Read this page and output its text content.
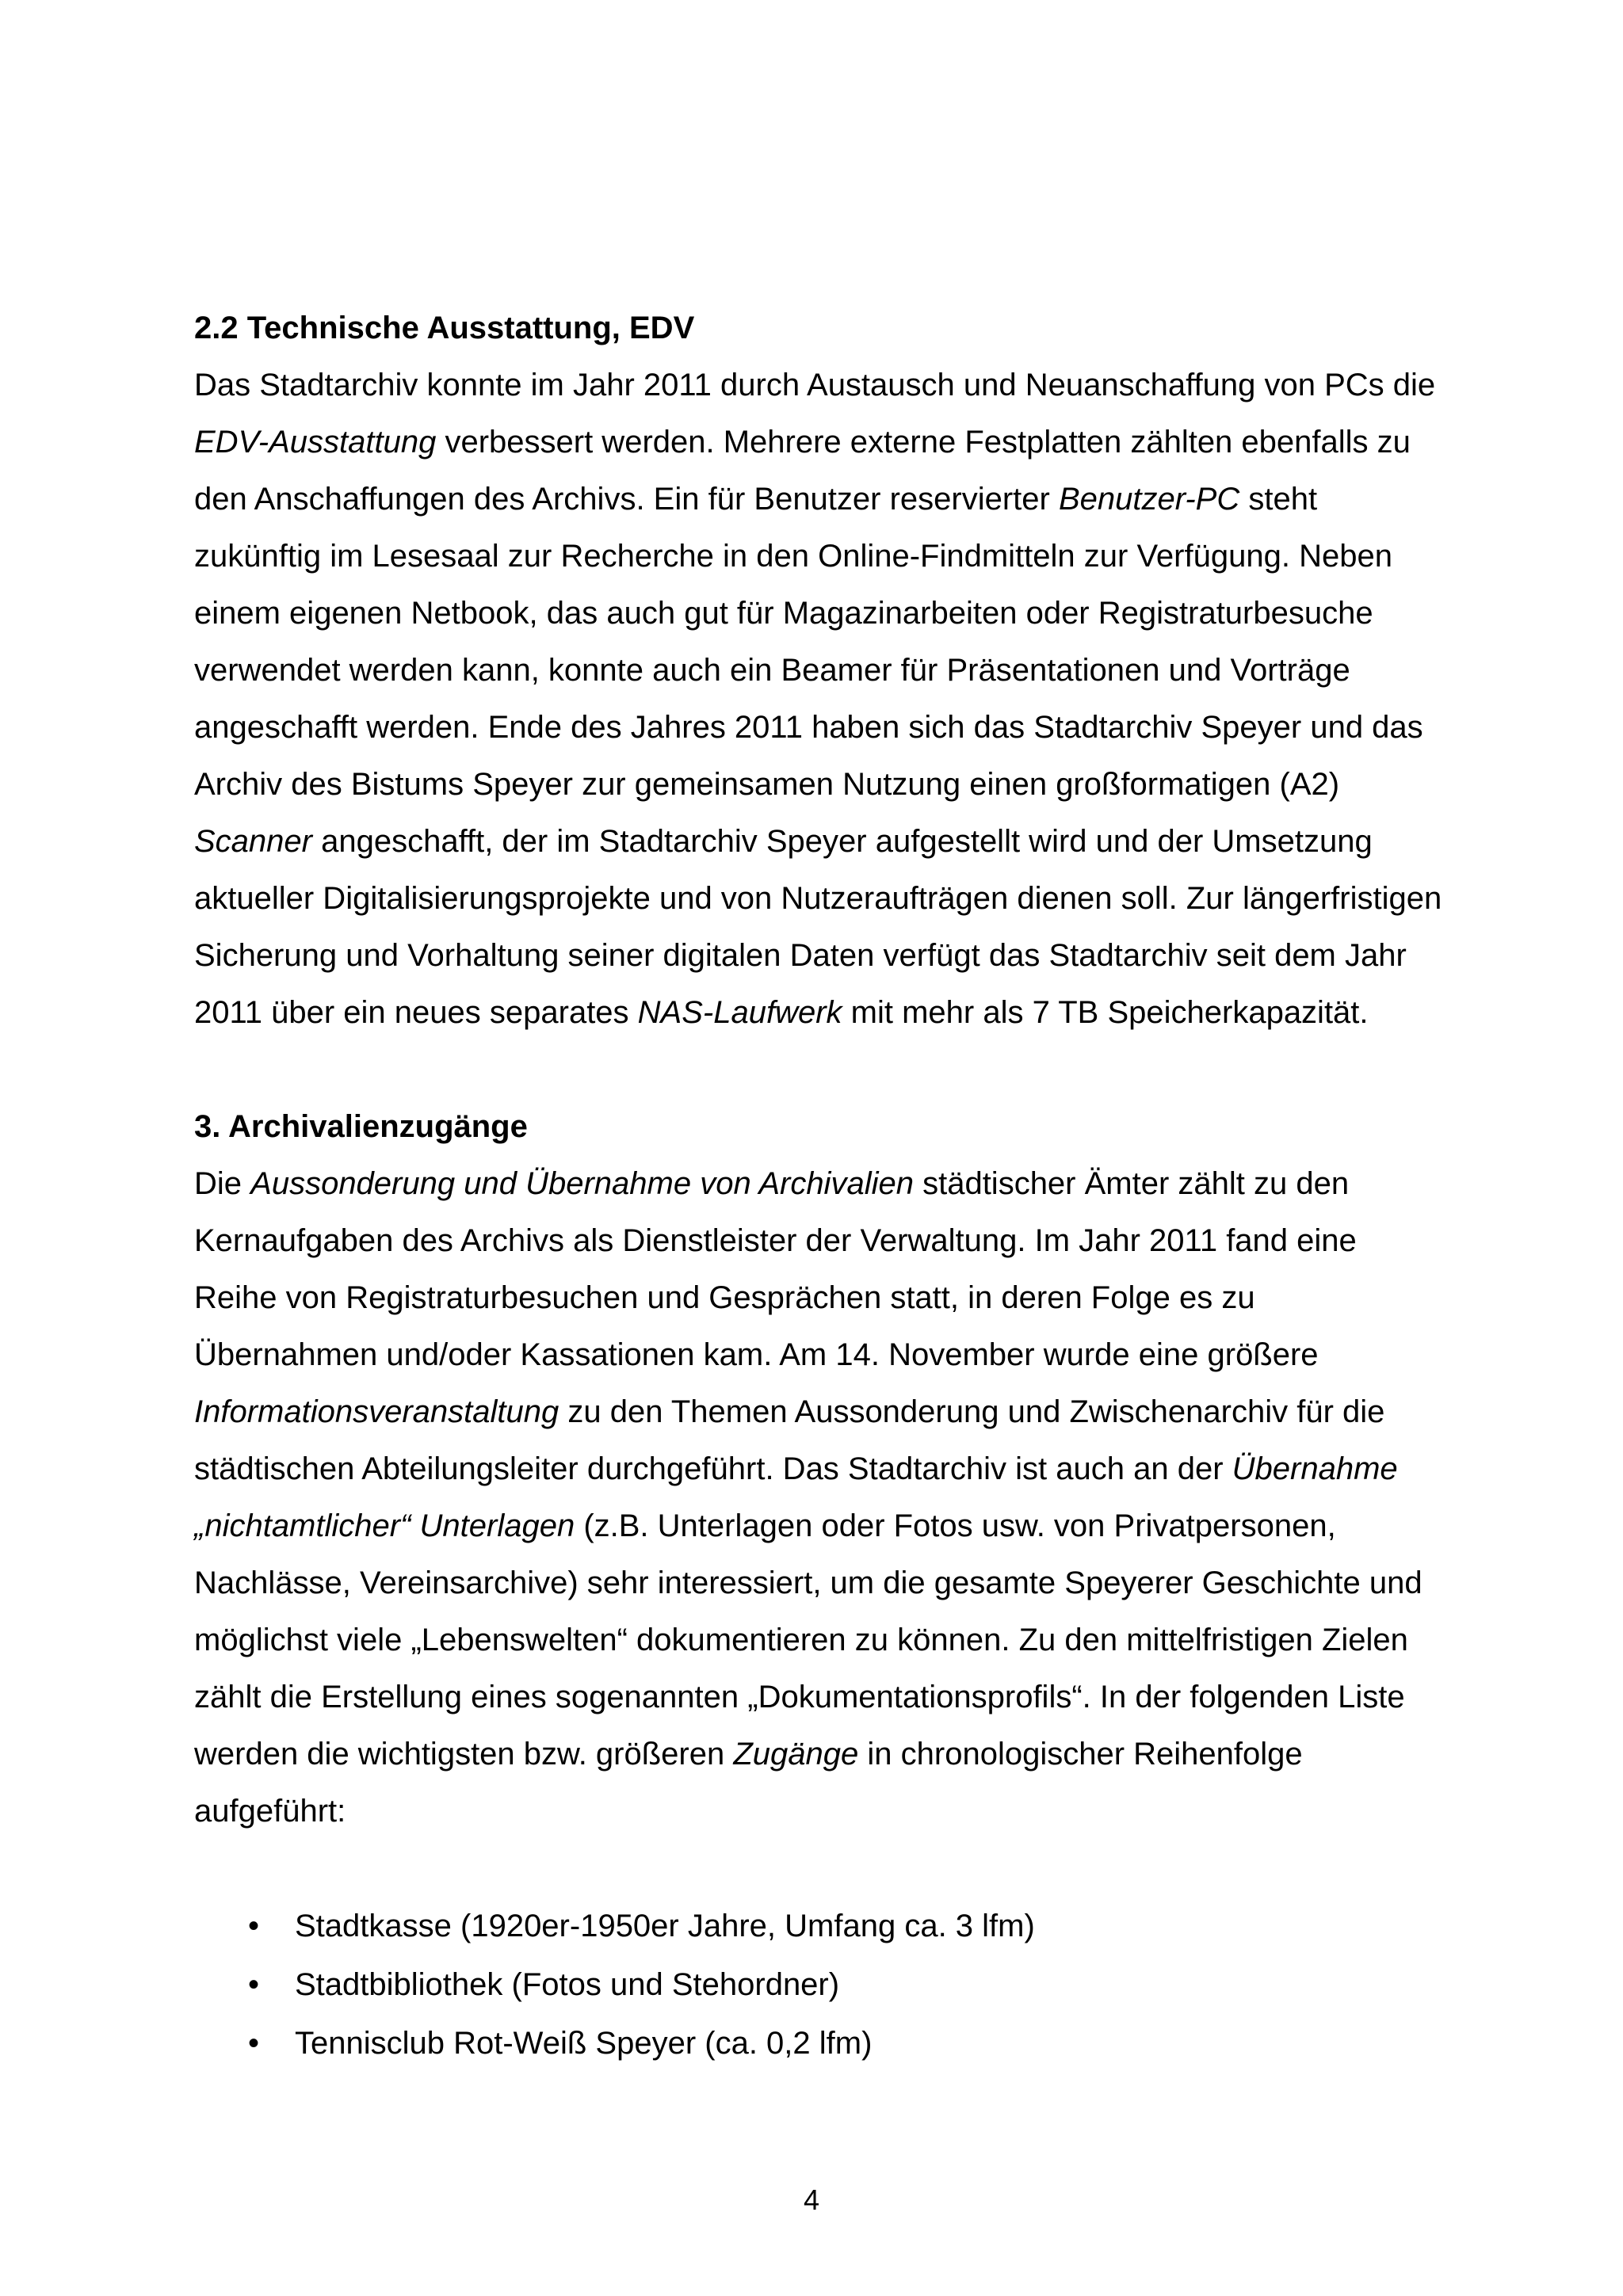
2.2 Technische Ausstattung, EDV

Das Stadtarchiv konnte im Jahr 2011 durch Austausch und Neuanschaffung von PCs die EDV-Ausstattung verbessert werden. Mehrere externe Festplatten zählten ebenfalls zu den Anschaffungen des Archivs. Ein für Benutzer reservierter Benutzer-PC steht zukünftig im Lesesaal zur Recherche in den Online-Findmitteln zur Verfügung. Neben einem eigenen Netbook, das auch gut für Magazinarbeiten oder Registraturbesuche verwendet werden kann, konnte auch ein Beamer für Präsentationen und Vorträge angeschafft werden. Ende des Jahres 2011 haben sich das Stadtarchiv Speyer und das Archiv des Bistums Speyer zur gemeinsamen Nutzung einen großformatigen (A2) Scanner angeschafft, der im Stadtarchiv Speyer aufgestellt wird und der Umsetzung aktueller Digitalisierungsprojekte und von Nutzeraufträgen dienen soll. Zur längerfristigen Sicherung und Vorhaltung seiner digitalen Daten verfügt das Stadtarchiv seit dem Jahr 2011 über ein neues separates NAS-Laufwerk mit mehr als 7 TB Speicherkapazität.

3. Archivalienzugänge

Die Aussonderung und Übernahme von Archivalien städtischer Ämter zählt zu den Kernaufgaben des Archivs als Dienstleister der Verwaltung. Im Jahr 2011 fand eine Reihe von Registraturbesuchen und Gesprächen statt, in deren Folge es zu Übernahmen und/oder Kassationen kam. Am 14. November wurde eine größere Informationsveranstaltung zu den Themen Aussonderung und Zwischenarchiv für die städtischen Abteilungsleiter durchgeführt. Das Stadtarchiv ist auch an der Übernahme „nichtamtlicher“ Unterlagen (z.B. Unterlagen oder Fotos usw. von Privatpersonen, Nachlässe, Vereinsarchive) sehr interessiert, um die gesamte Speyerer Geschichte und möglichst viele „Lebenswelten“ dokumentieren zu können. Zu den mittelfristigen Zielen zählt die Erstellung eines sogenannten „Dokumentationsprofils“. In der folgenden Liste werden die wichtigsten bzw. größeren Zugänge in chronologischer Reihenfolge aufgeführt:

• Stadtkasse (1920er-1950er Jahre, Umfang ca. 3 lfm)
• Stadtbibliothek (Fotos und Stehordner)
• Tennisclub Rot-Weiß Speyer (ca. 0,2 lfm)
4
